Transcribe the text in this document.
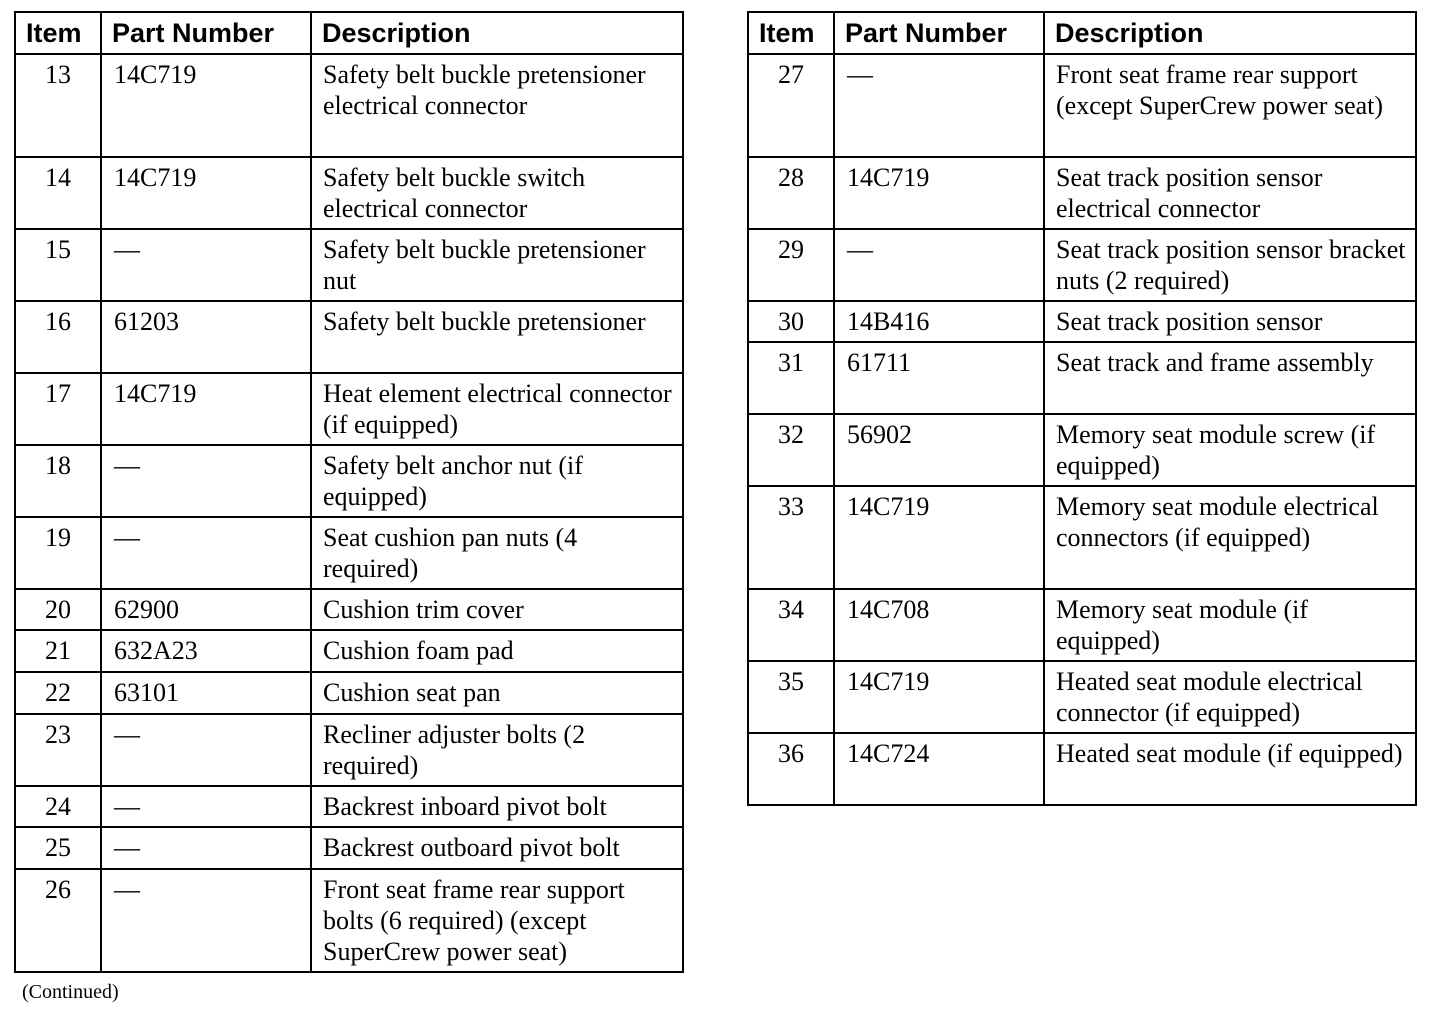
Item	Part Number	Description
13	14C719	Safety belt buckle pretensioner electrical connector
14	14C719	Safety belt buckle switch electrical connector
15	—	Safety belt buckle pretensioner nut
16	61203	Safety belt buckle pretensioner
17	14C719	Heat element electrical connector (if equipped)
18	—	Safety belt anchor nut (if equipped)
19	—	Seat cushion pan nuts (4 required)
20	62900	Cushion trim cover
21	632A23	Cushion foam pad
22	63101	Cushion seat pan
23	—	Recliner adjuster bolts (2 required)
24	—	Backrest inboard pivot bolt
25	—	Backrest outboard pivot bolt
26	—	Front seat frame rear support bolts (6 required) (except SuperCrew power seat)
Item	Part Number	Description
27	—	Front seat frame rear support (except SuperCrew power seat)
28	14C719	Seat track position sensor electrical connector
29	—	Seat track position sensor bracket nuts (2 required)
30	14B416	Seat track position sensor
31	61711	Seat track and frame assembly
32	56902	Memory seat module screw (if equipped)
33	14C719	Memory seat module electrical connectors (if equipped)
34	14C708	Memory seat module (if equipped)
35	14C719	Heated seat module electrical connector (if equipped)
36	14C724	Heated seat module (if equipped)
(Continued)
